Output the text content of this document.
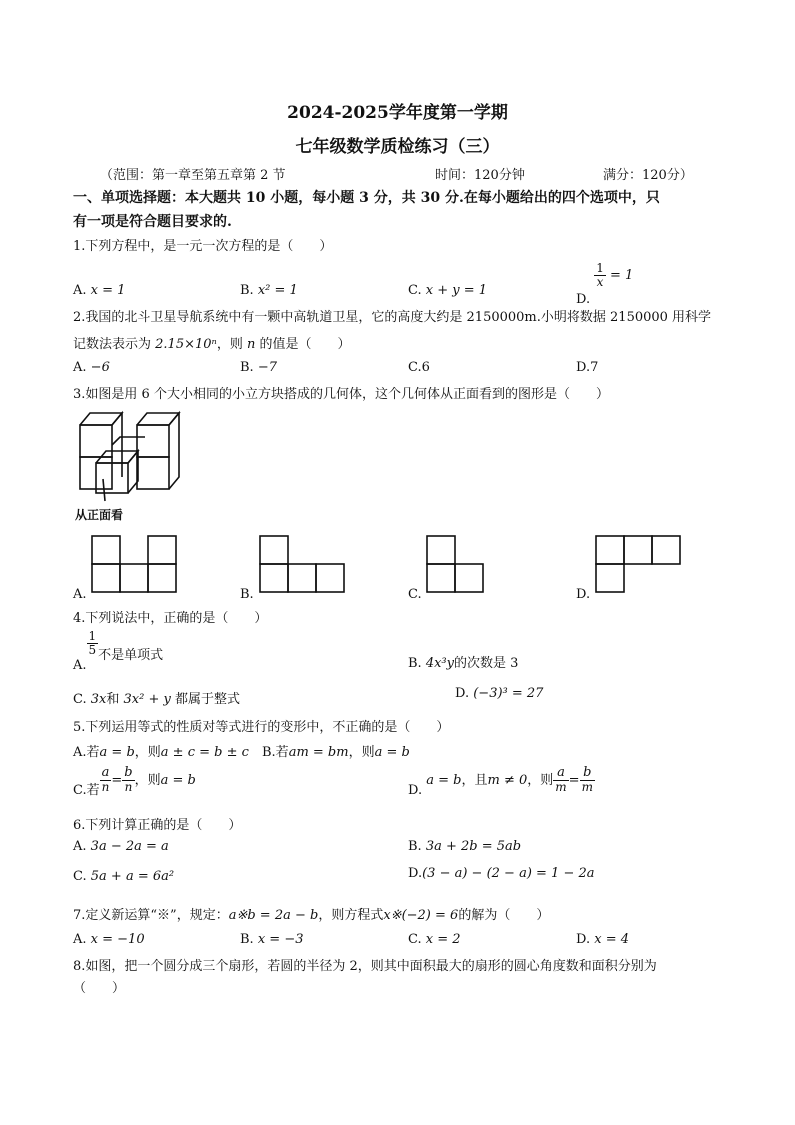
2024-2025学年度第一学期
七年级数学质检练习（三）
（范围：第一章至第五章第 2 节	时间：120分钟	满分：120分）
一、单项选择题：本大题共 10 小题，每小题 3 分，共 30 分.在每小题给出的四个选项中，只
有一项是符合题目要求的.
1.下列方程中，是一元一次方程的是（　　）
A. x = 1	B. x² = 1	C. x + y = 1
D.
$\frac{1}{x} = 1$
2.我国的北斗卫星导航系统中有一颗中高轨道卫星，它的高度大约是 2150000m.小明将数据 2150000 用科学
记数法表示为 2.15×10ⁿ，则 n 的值是（　　）
A. −6	B. −7	C.6	D.7
3.如图是用 6 个大小相同的小立方块搭成的几何体，这个几何体从正面看到的图形是（　　）
从正面看
A.	B.	C.	D.
4.下列说法中，正确的是（　　）
A.
$\frac{1}{5}$ 不是单项式
B. 4x³y的次数是 3
C. 3x和 3x² + y 都属于整式	D. (−3)³ = 27
5.下列运用等式的性质对等式进行的变形中，不正确的是（　　）
A.若a = b，则a ± c = b ± c B.若am = bm，则a = b
C.若 $\frac{a}{n} = \frac{b}{n}$ ，则a = b
D. a = b，且m ≠ 0，则 $\frac{a}{m} = \frac{b}{m}$
6.下列计算正确的是（　　）
A. 3a − 2a = a	B. 3a + 2b = 5ab
C. 5a + a = 6a²	D.(3 − a) − (2 − a) = 1 − 2a
7.定义新运算“※”，规定：a※b = 2a − b，则方程式x※(−2) = 6的解为（　　）
A. x = −10	B. x = −3	C. x = 2	D. x = 4
8.如图，把一个圆分成三个扇形，若圆的半径为 2，则其中面积最大的扇形的圆心角度数和面积分别为
（　　）
